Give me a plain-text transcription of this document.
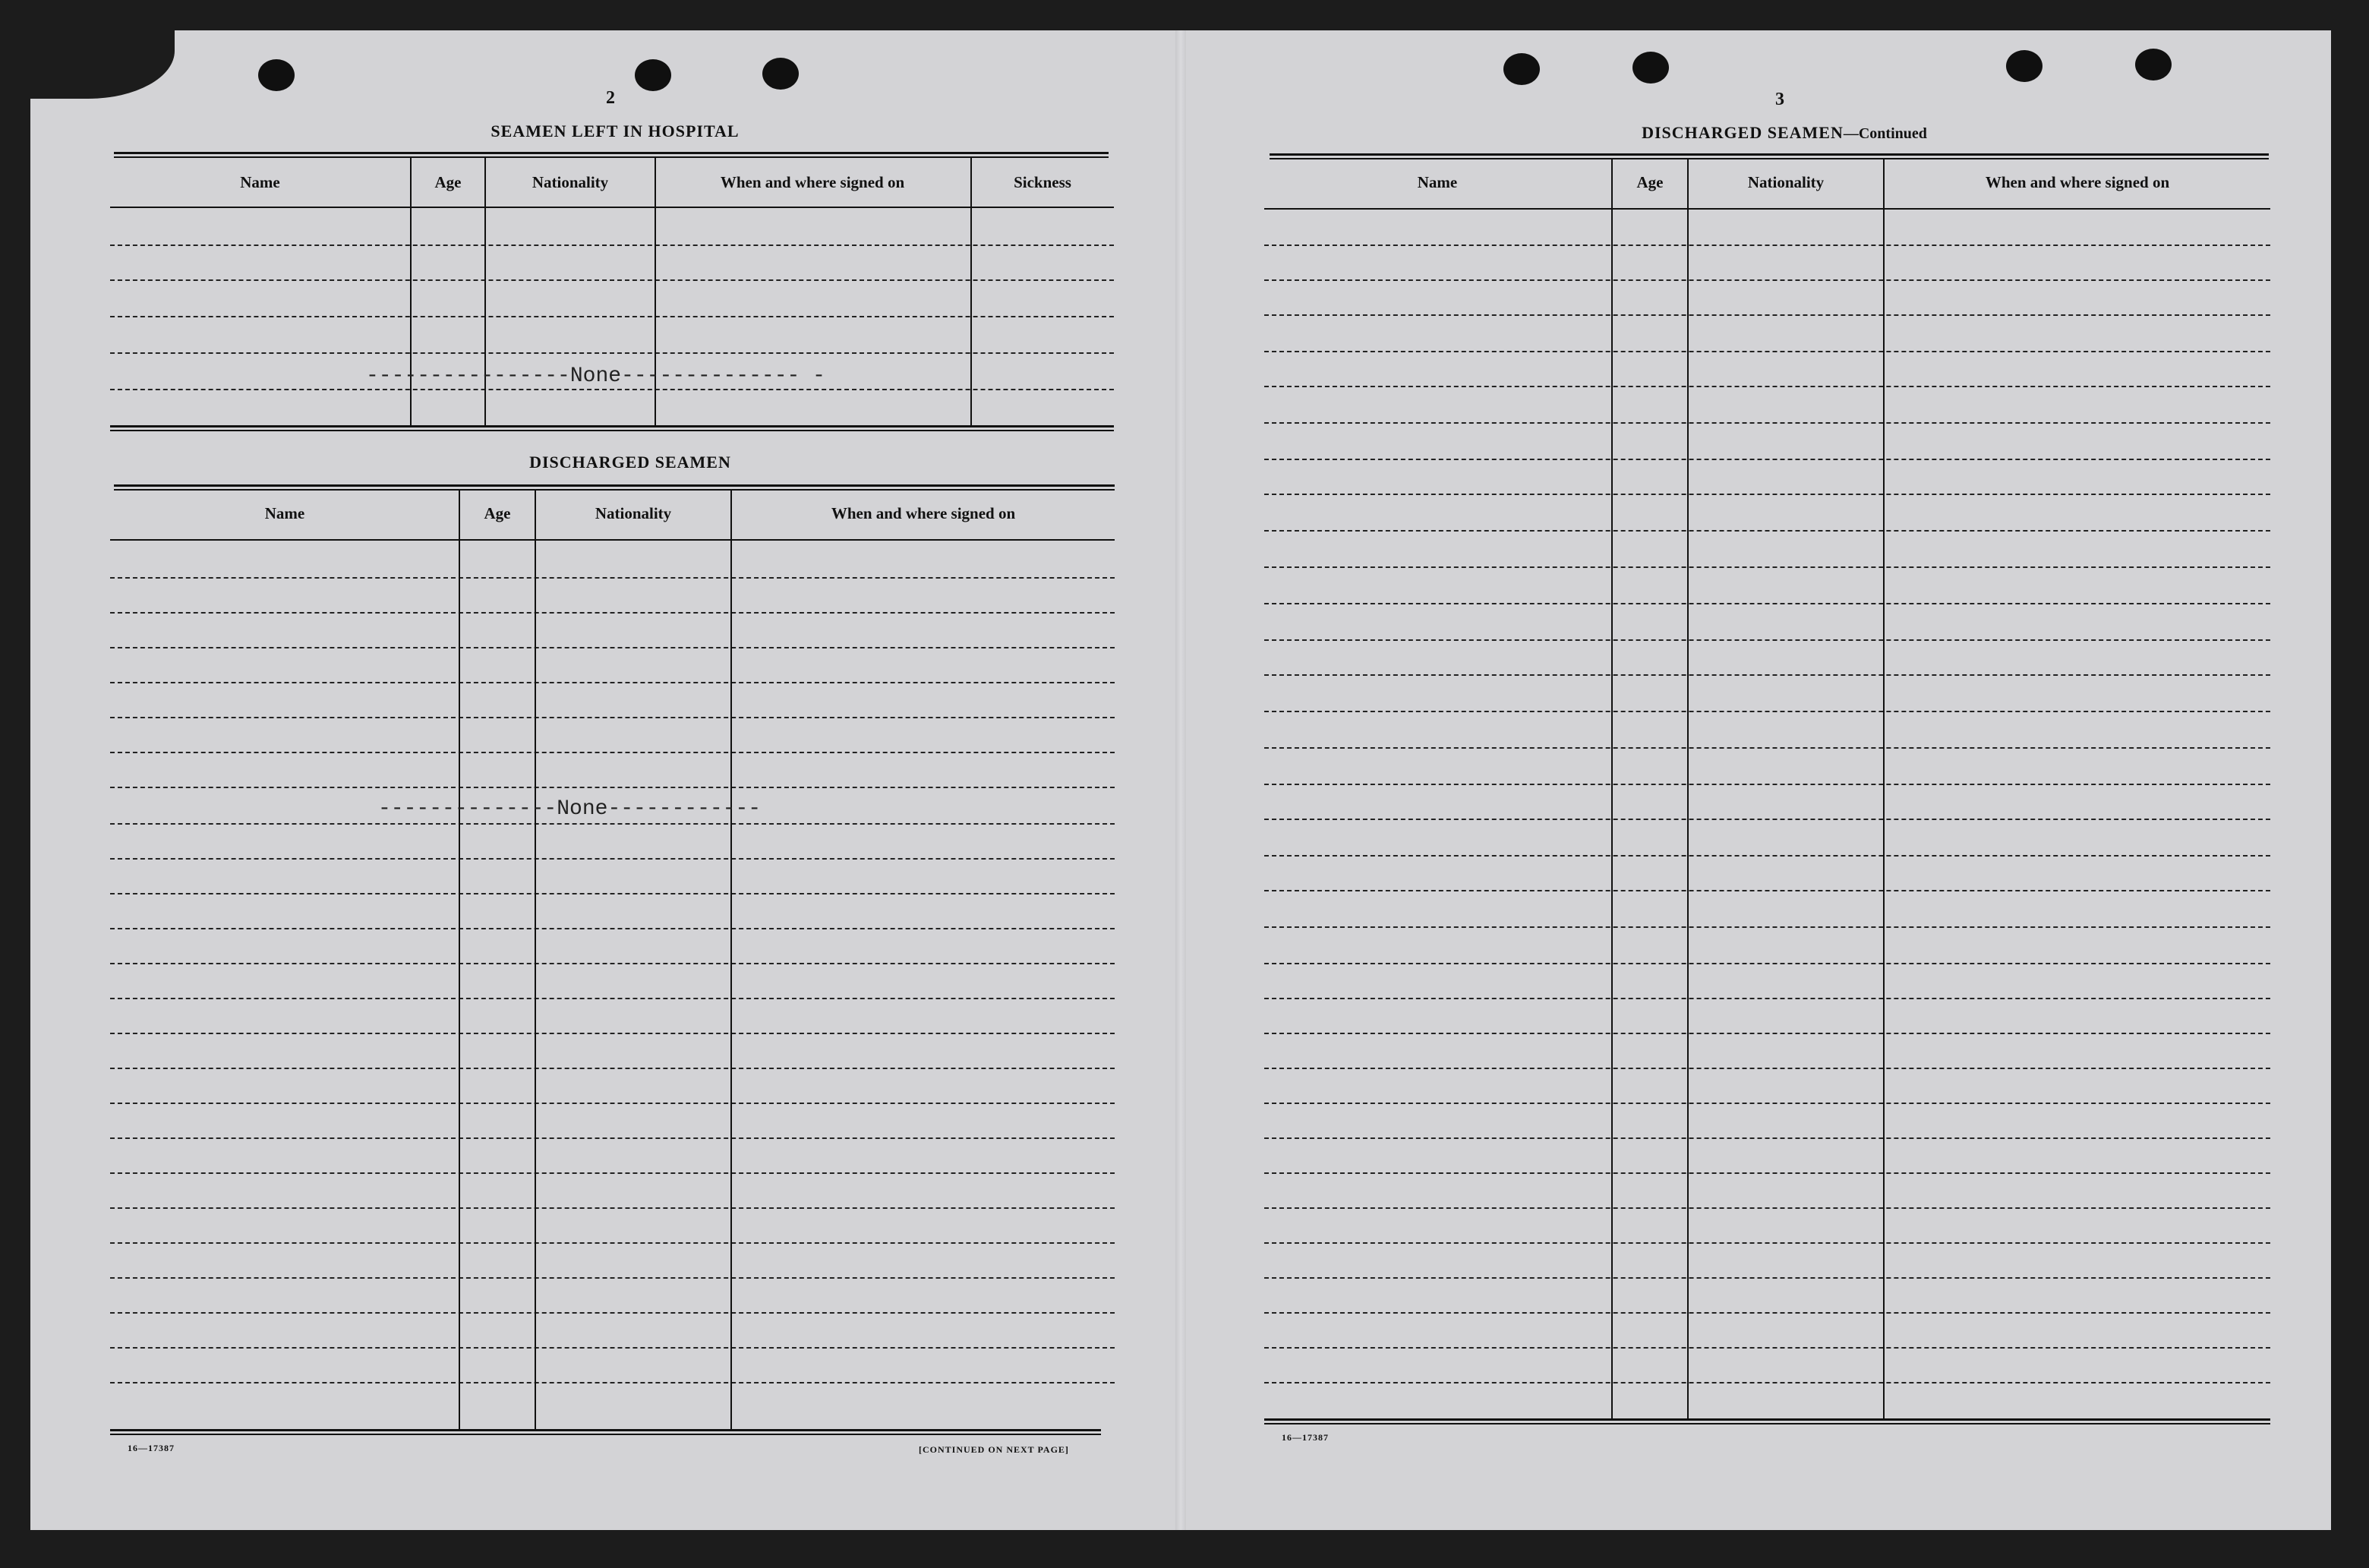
2
SEAMEN LEFT IN HOSPITAL
Name	Age	Nationality	When and where signed on	Sickness
----------------None-------------- -
DISCHARGED SEAMEN
Name	Age	Nationality	When and where signed on
--------------None------------
16—17387	[CONTINUED ON NEXT PAGE]
3
DISCHARGED SEAMEN—Continued
Name	Age	Nationality	When and where signed on
16—17387
